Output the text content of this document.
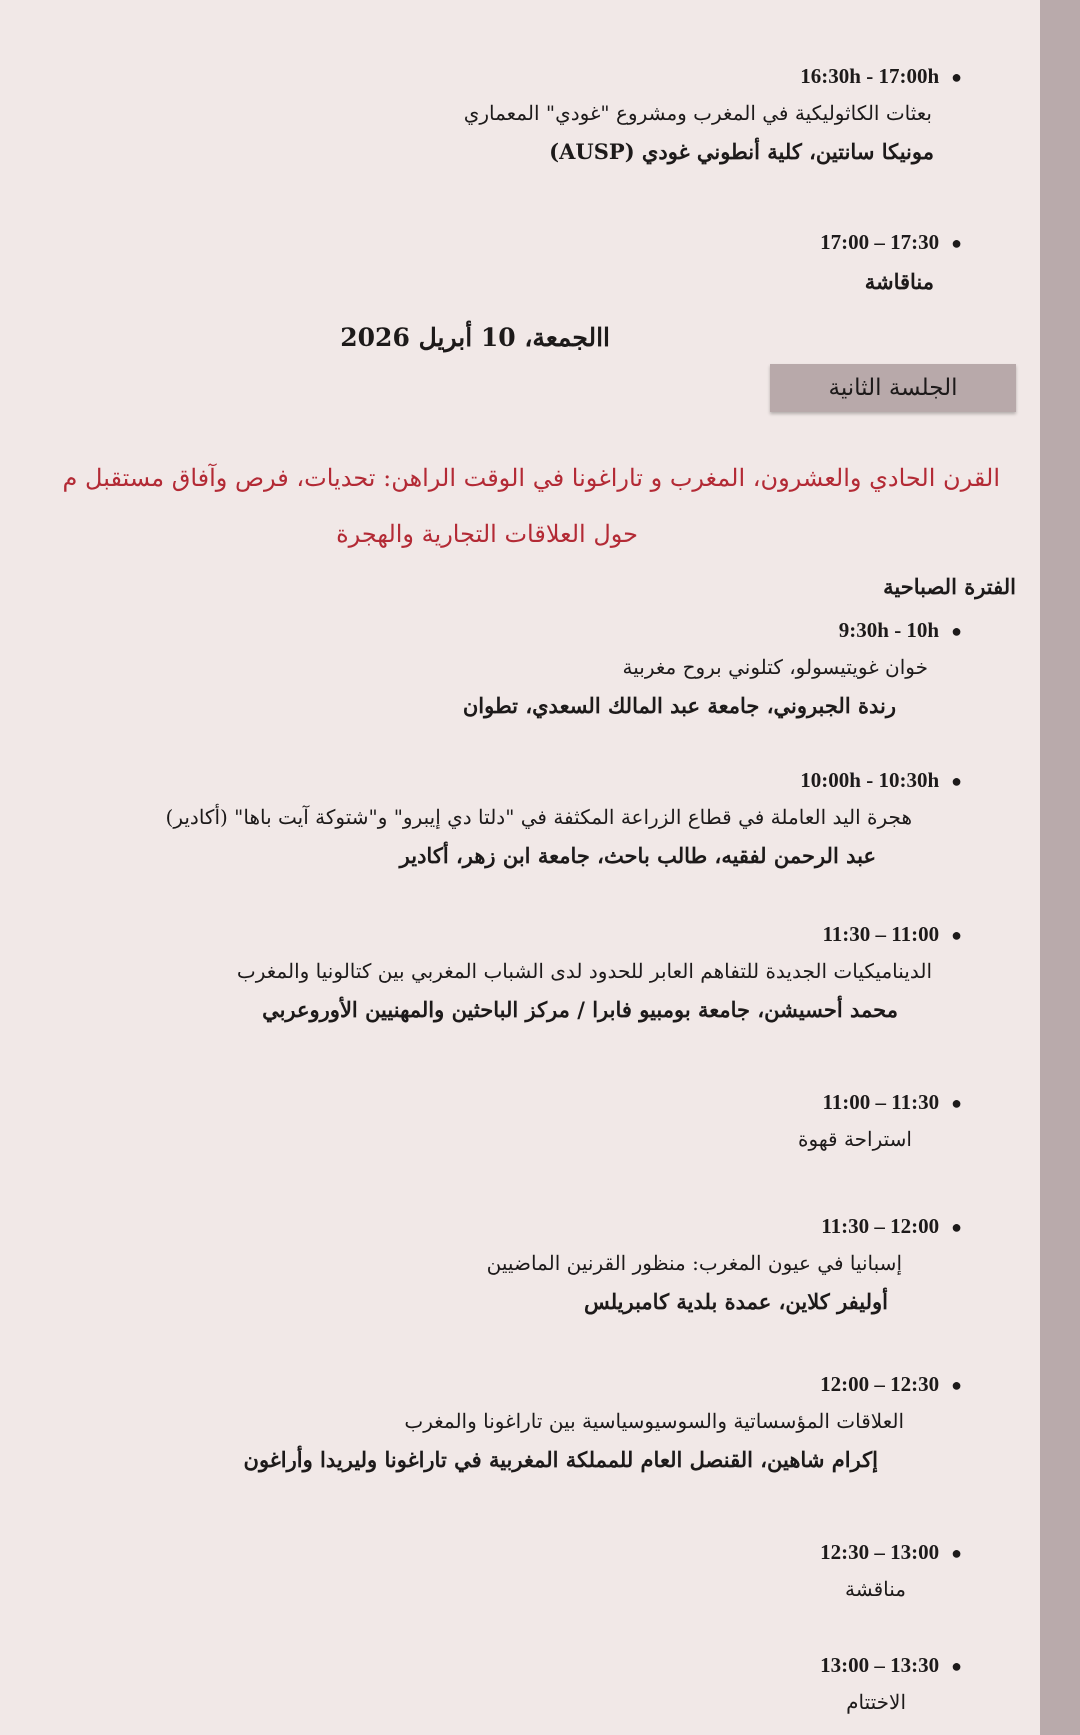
●
16:30h - 17:00h
بعثات الكاثوليكية في المغرب ومشروع "غودي" المعماري
مونيكا سانتين، كلية أنطوني غودي (AUSP)
●
17:00 – 17:30
مناقاشة
االجمعة، 10 أبريل 2026
الجلسة الثانية
القرن الحادي والعشرون، المغرب و تاراغونا في الوقت الراهن: تحديات، فرص وآفاق مستقبل م
حول العلاقات التجارية والهجرة
الفترة الصباحية
●
9:30h - 10h
خوان غويتيسولو، كتلوني بروح مغربية
رندة الجبروني، جامعة عبد المالك السعدي، تطوان
●
10:00h - 10:30h
هجرة اليد العاملة في قطاع الزراعة المكثفة في "دلتا دي إيبرو" و"شتوكة آيت باها" (أكادير)
عبد الرحمن لفقيه، طالب باحث، جامعة ابن زهر، أكادير
●
11:30 – 11:00
الديناميكيات الجديدة للتفاهم العابر للحدود لدى الشباب المغربي بين كتالونيا والمغرب
محمد أحسيشن، جامعة بومبيو فابرا / مركز الباحثين والمهنيين الأوروعربي
●
11:00 – 11:30
استراحة قهوة
●
11:30 – 12:00
إسبانيا في عيون المغرب: منظور القرنين الماضيين
أوليفر كلاين، عمدة بلدية كامبريلس
●
12:00 – 12:30
العلاقات المؤسساتية والسوسيوسياسية بين تاراغونا والمغرب
إكرام شاهين، القنصل العام للمملكة المغربية في تاراغونا وليريدا وأراغون
●
12:30 – 13:00
مناقشة
●
13:00 – 13:30
الاختتام
